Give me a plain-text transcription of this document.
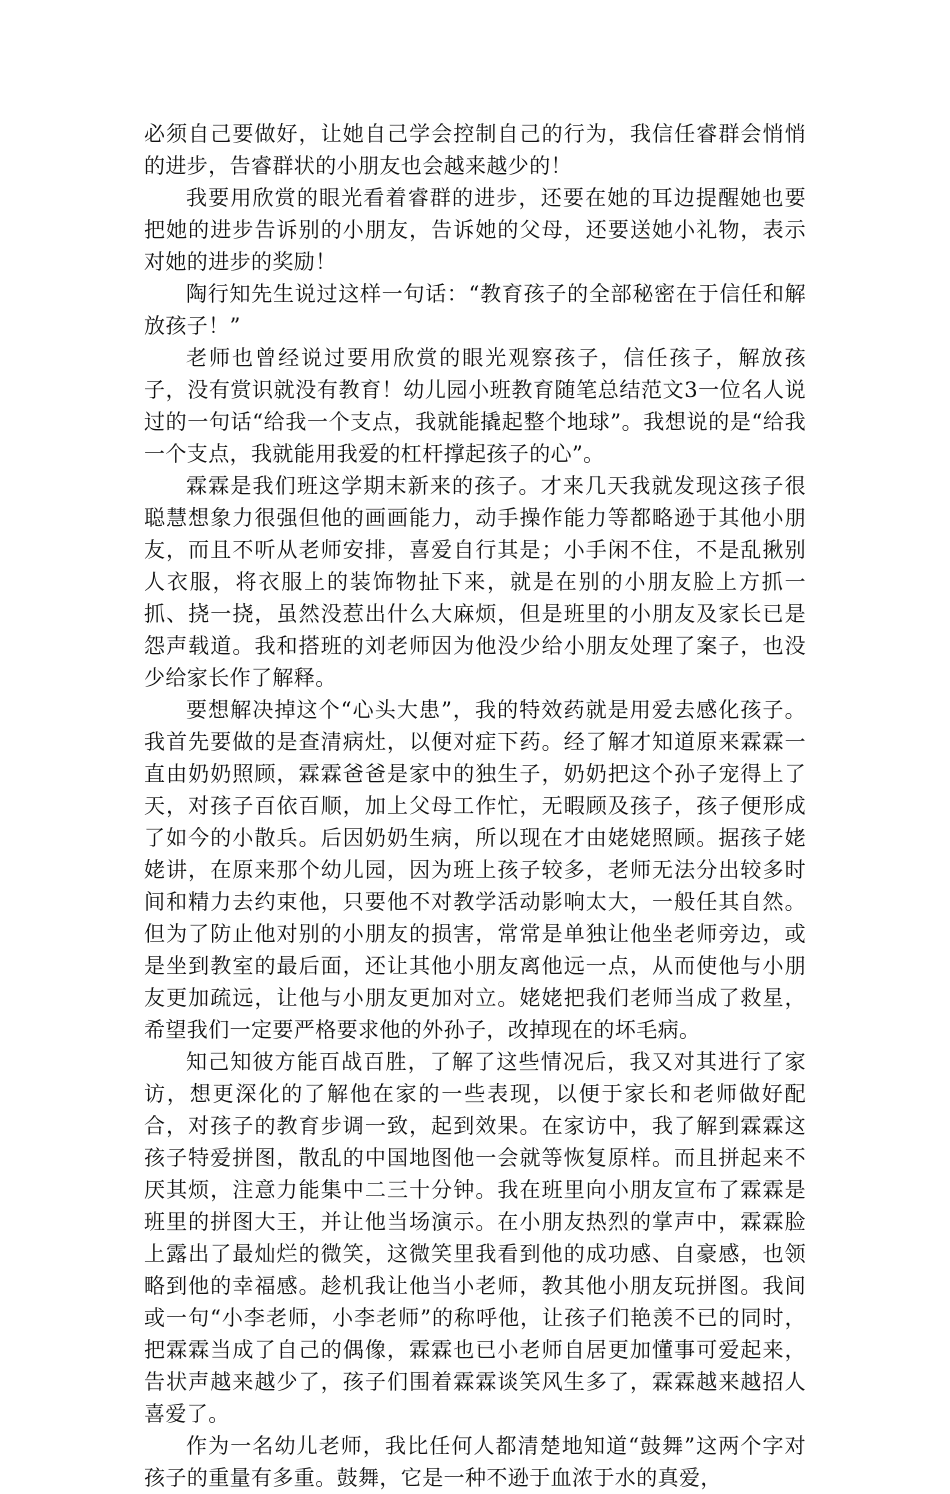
必须自己要做好，让她自己学会控制自己的行为，我信任睿群会悄悄的进步，告睿群状的小朋友也会越来越少的！

我要用欣赏的眼光看着睿群的进步，还要在她的耳边提醒她也要把她的进步告诉别的小朋友，告诉她的父母，还要送她小礼物，表示对她的进步的奖励！

陶行知先生说过这样一句话：“教育孩子的全部秘密在于信任和解放孩子！”

老师也曾经说过要用欣赏的眼光观察孩子，信任孩子，解放孩子，没有赏识就没有教育！幼儿园小班教育随笔总结范文3一位名人说过的一句话“给我一个支点，我就能撬起整个地球”。我想说的是“给我一个支点，我就能用我爱的杠杆撑起孩子的心”。

霖霖是我们班这学期末新来的孩子。才来几天我就发现这孩子很聪慧想象力很强但他的画画能力，动手操作能力等都略逊于其他小朋友，而且不听从老师安排，喜爱自行其是；小手闲不住，不是乱揪别人衣服，将衣服上的装饰物扯下来，就是在别的小朋友脸上方抓一抓、挠一挠，虽然没惹出什么大麻烦，但是班里的小朋友及家长已是怨声载道。我和搭班的刘老师因为他没少给小朋友处理了案子，也没少给家长作了解释。

要想解决掉这个“心头大患”，我的特效药就是用爱去感化孩子。我首先要做的是查清病灶，以便对症下药。经了解才知道原来霖霖一直由奶奶照顾，霖霖爸爸是家中的独生子，奶奶把这个孙子宠得上了天，对孩子百依百顺，加上父母工作忙，无暇顾及孩子，孩子便形成了如今的小散兵。后因奶奶生病，所以现在才由姥姥照顾。据孩子姥姥讲，在原来那个幼儿园，因为班上孩子较多，老师无法分出较多时间和精力去约束他，只要他不对教学活动影响太大，一般任其自然。但为了防止他对别的小朋友的损害，常常是单独让他坐老师旁边，或是坐到教室的最后面，还让其他小朋友离他远一点，从而使他与小朋友更加疏远，让他与小朋友更加对立。姥姥把我们老师当成了救星，希望我们一定要严格要求他的外孙子，改掉现在的坏毛病。

知己知彼方能百战百胜，了解了这些情况后，我又对其进行了家访，想更深化的了解他在家的一些表现，以便于家长和老师做好配合，对孩子的教育步调一致，起到效果。在家访中，我了解到霖霖这孩子特爱拼图，散乱的中国地图他一会就等恢复原样。而且拼起来不厌其烦，注意力能集中二三十分钟。我在班里向小朋友宣布了霖霖是班里的拼图大王，并让他当场演示。在小朋友热烈的掌声中，霖霖脸上露出了最灿烂的微笑，这微笑里我看到他的成功感、自豪感，也领略到他的幸福感。趁机我让他当小老师，教其他小朋友玩拼图。我间或一句“小李老师，小李老师”的称呼他，让孩子们艳羡不已的同时，把霖霖当成了自己的偶像，霖霖也已小老师自居更加懂事可爱起来，告状声越来越少了，孩子们围着霖霖谈笑风生多了，霖霖越来越招人喜爱了。

作为一名幼儿老师，我比任何人都清楚地知道“鼓舞”这两个字对孩子的重量有多重。鼓舞，它是一种不逊于血浓于水的真爱，
